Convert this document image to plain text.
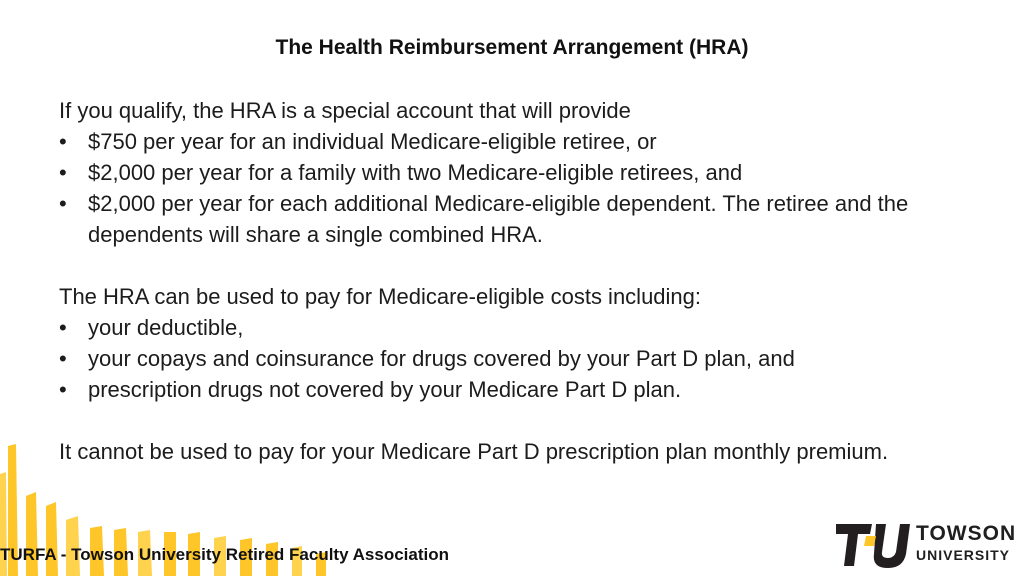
The Health Reimbursement Arrangement (HRA)

If you qualify, the HRA is a special account that will provide

• $750 per year for an individual Medicare-eligible retiree, or
• $2,000 per year for a family with two Medicare-eligible retirees, and
• $2,000 per year for each additional Medicare-eligible dependent. The retiree and the dependents will share a single combined HRA.

The HRA can be used to pay for Medicare-eligible costs including:

• your deductible,
• your copays and coinsurance for drugs covered by your Part D plan, and
• prescription drugs not covered by your Medicare Part D plan.

It cannot be used to pay for your Medicare Part D prescription plan monthly premium.

TURFA - Towson University Retired Faculty Association
TOWSON
UNIVERSITY
